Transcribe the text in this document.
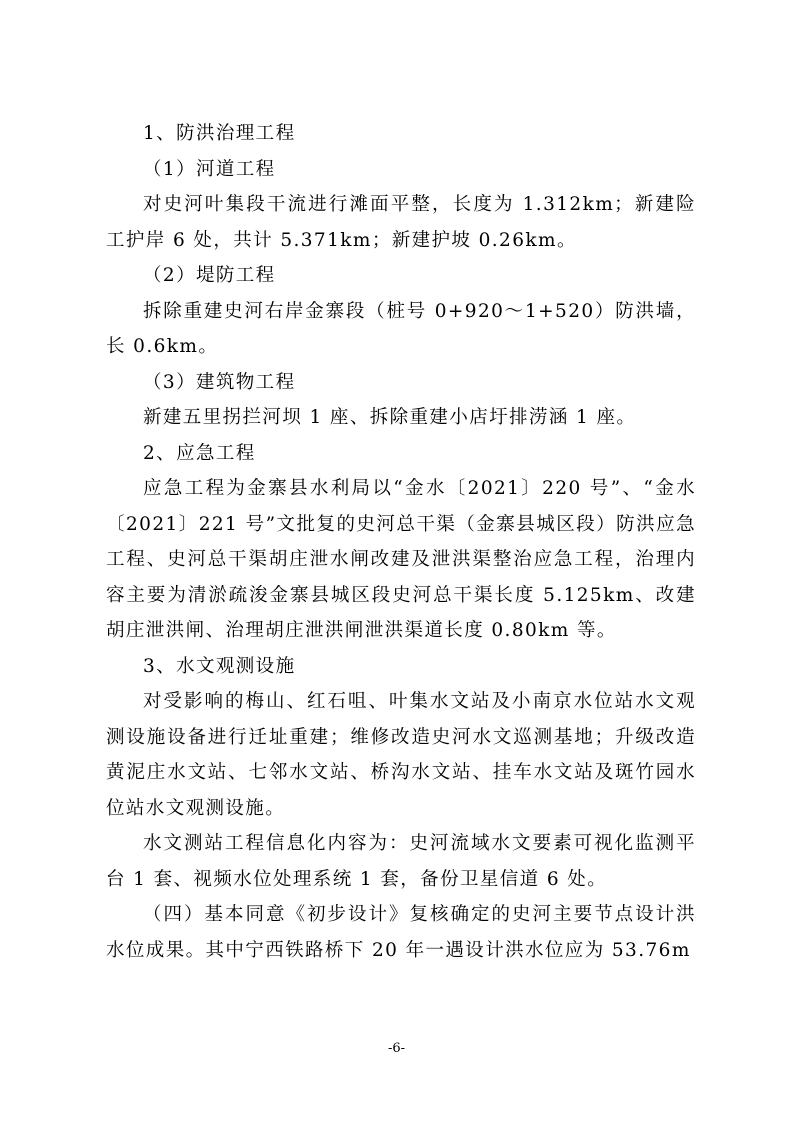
1、防洪治理工程

（1）河道工程

对史河叶集段干流进行滩面平整，长度为 1.312km；新建险工护岸 6 处，共计 5.371km；新建护坡 0.26km。

（2）堤防工程

拆除重建史河右岸金寨段（桩号 0+920～1+520）防洪墙，长 0.6km。

（3）建筑物工程

新建五里拐拦河坝 1 座、拆除重建小店圩排涝涵 1 座。

2、应急工程

应急工程为金寨县水利局以“金水〔2021〕220 号”、“金水〔2021〕221 号”文批复的史河总干渠（金寨县城区段）防洪应急工程、史河总干渠胡庄泄水闸改建及泄洪渠整治应急工程，治理内容主要为清淤疏浚金寨县城区段史河总干渠长度 5.125km、改建胡庄泄洪闸、治理胡庄泄洪闸泄洪渠道长度 0.80km 等。

3、水文观测设施

对受影响的梅山、红石咀、叶集水文站及小南京水位站水文观测设施设备进行迁址重建；维修改造史河水文巡测基地；升级改造黄泥庄水文站、七邻水文站、桥沟水文站、挂车水文站及斑竹园水位站水文观测设施。

水文测站工程信息化内容为：史河流域水文要素可视化监测平台 1 套、视频水位处理系统 1 套，备份卫星信道 6 处。

（四）基本同意《初步设计》复核确定的史河主要节点设计洪水位成果。其中宁西铁路桥下 20 年一遇设计洪水位应为 53.76m

-6-
